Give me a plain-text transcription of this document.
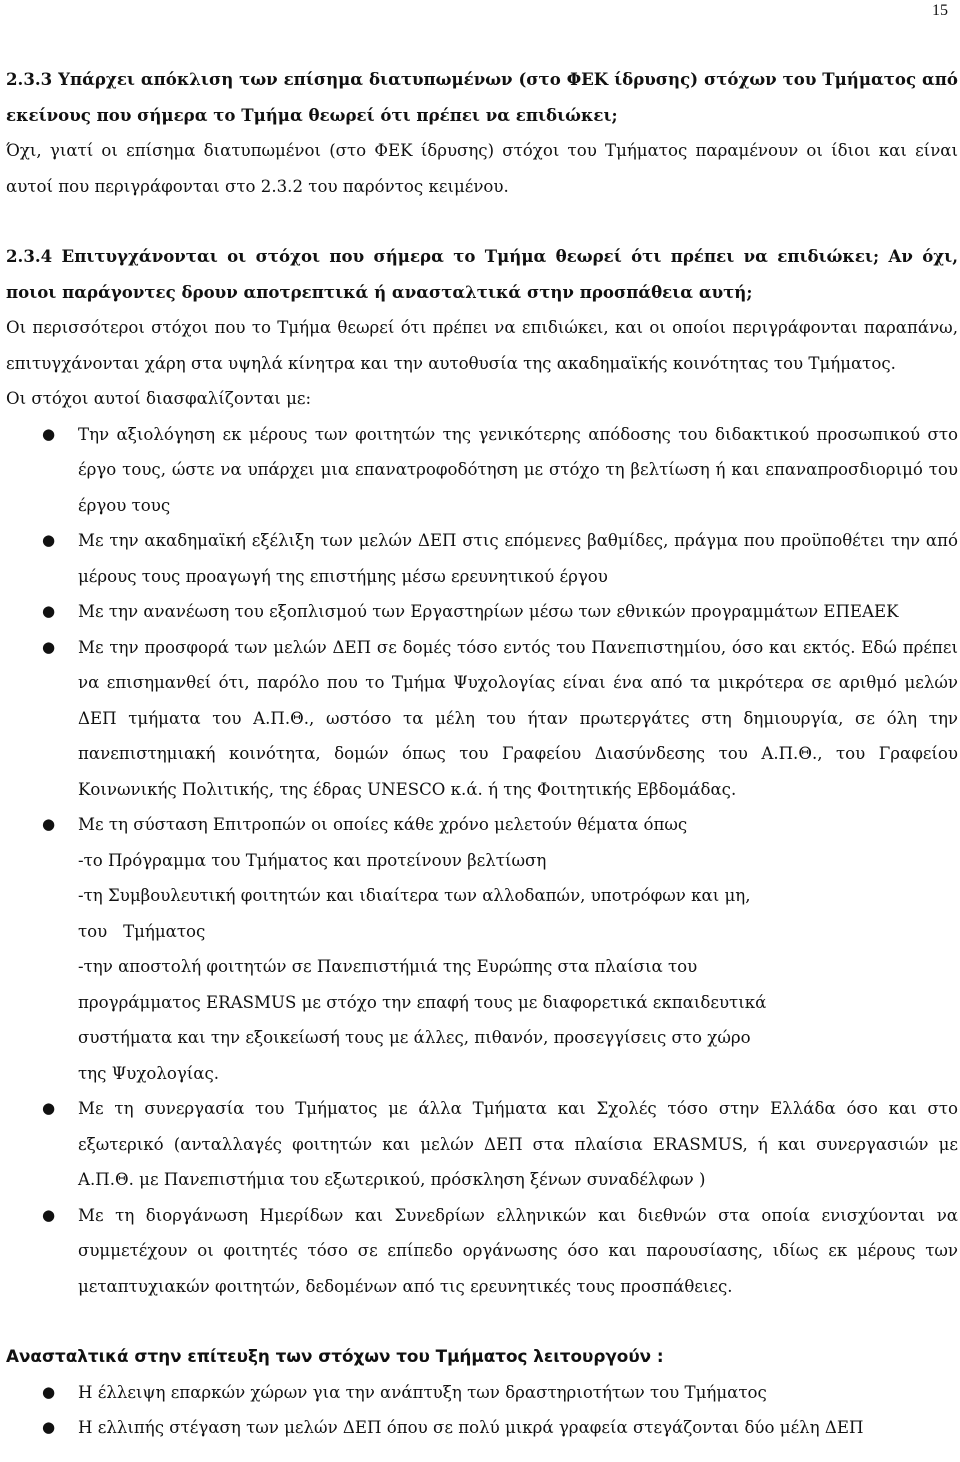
15
2.3.3 Υπάρχει απόκλιση των επίσημα διατυπωμένων (στο ΦΕΚ ίδρυσης) στόχων του Τμήματος από εκείνους που σήμερα το Τμήμα θεωρεί ότι πρέπει να επιδιώκει;
Όχι, γιατί οι επίσημα διατυπωμένοι (στο ΦΕΚ ίδρυσης) στόχοι του Τμήματος παραμένουν οι ίδιοι και είναι αυτοί που περιγράφονται στο 2.3.2 του παρόντος κειμένου.
2.3.4 Επιτυγχάνονται οι στόχοι που σήμερα το Τμήμα θεωρεί ότι πρέπει να επιδιώκει; Αν όχι, ποιοι παράγοντες δρουν αποτρεπτικά ή ανασταλτικά στην προσπάθεια αυτή;
Οι περισσότεροι στόχοι που το Τμήμα θεωρεί ότι πρέπει να επιδιώκει, και οι οποίοι περιγράφονται παραπάνω, επιτυγχάνονται χάρη στα υψηλά κίνητρα και την αυτοθυσία της ακαδημαϊκής κοινότητας του Τμήματος.
Οι στόχοι αυτοί διασφαλίζονται με:
● Την αξιολόγηση εκ μέρους των φοιτητών της γενικότερης απόδοσης του διδακτικού προσωπικού στο έργο τους, ώστε να υπάρχει μια επανατροφοδότηση με στόχο τη βελτίωση ή και επαναπροσδιοριμό του έργου τους
● Με την ακαδημαϊκή εξέλιξη των μελών ΔΕΠ στις επόμενες βαθμίδες, πράγμα που προϋποθέτει την από μέρους τους προαγωγή της επιστήμης μέσω ερευνητικού έργου
● Με την ανανέωση του εξοπλισμού των Εργαστηρίων μέσω των εθνικών προγραμμάτων ΕΠΕΑΕΚ
● Με την προσφορά των μελών ΔΕΠ σε δομές τόσο εντός του Πανεπιστημίου, όσο και εκτός. Εδώ πρέπει να επισημανθεί ότι, παρόλο που το Τμήμα Ψυχολογίας είναι ένα από τα μικρότερα σε αριθμό μελών ΔΕΠ τμήματα του Α.Π.Θ., ωστόσο τα μέλη του ήταν πρωτεργάτες στη δημιουργία, σε όλη την πανεπιστημιακή κοινότητα, δομών όπως του Γραφείου Διασύνδεσης του Α.Π.Θ., του Γραφείου Κοινωνικής Πολιτικής, της έδρας UNESCO κ.ά. ή της Φοιτητικής Εβδομάδας.
● Με τη σύσταση Επιτροπών οι οποίες κάθε χρόνο μελετούν θέματα όπως
-το Πρόγραμμα του Τμήματος και προτείνουν βελτίωση
-τη Συμβουλευτική φοιτητών και ιδιαίτερα των αλλοδαπών, υποτρόφων και μη,
του   Τμήματος
-την αποστολή φοιτητών σε Πανεπιστήμιά της Ευρώπης στα πλαίσια του
προγράμματος ERASMUS με στόχο την επαφή τους με διαφορετικά εκπαιδευτικά
συστήματα και την εξοικείωσή τους με άλλες, πιθανόν, προσεγγίσεις στο χώρο
της Ψυχολογίας.
● Με τη συνεργασία του Τμήματος με άλλα Τμήματα και Σχολές τόσο στην Ελλάδα όσο και στο εξωτερικό (ανταλλαγές φοιτητών και μελών ΔΕΠ στα πλαίσια ERASMUS, ή και συνεργασιών με Α.Π.Θ. με Πανεπιστήμια του εξωτερικού, πρόσκληση ξένων συναδέλφων )
● Με τη διοργάνωση Ημερίδων και Συνεδρίων ελληνικών και διεθνών στα οποία ενισχύονται να συμμετέχουν οι φοιτητές τόσο σε επίπεδο οργάνωσης όσο και παρουσίασης, ιδίως εκ μέρους των μεταπτυχιακών φοιτητών, δεδομένων από τις ερευνητικές τους προσπάθειες.
Ανασταλτικά στην επίτευξη των στόχων του Τμήματος λειτουργούν :
● Η έλλειψη επαρκών χώρων για την ανάπτυξη των δραστηριοτήτων του Τμήματος
● Η ελλιπής στέγαση των μελών ΔΕΠ όπου σε πολύ μικρά γραφεία στεγάζονται δύο μέλη ΔΕΠ
